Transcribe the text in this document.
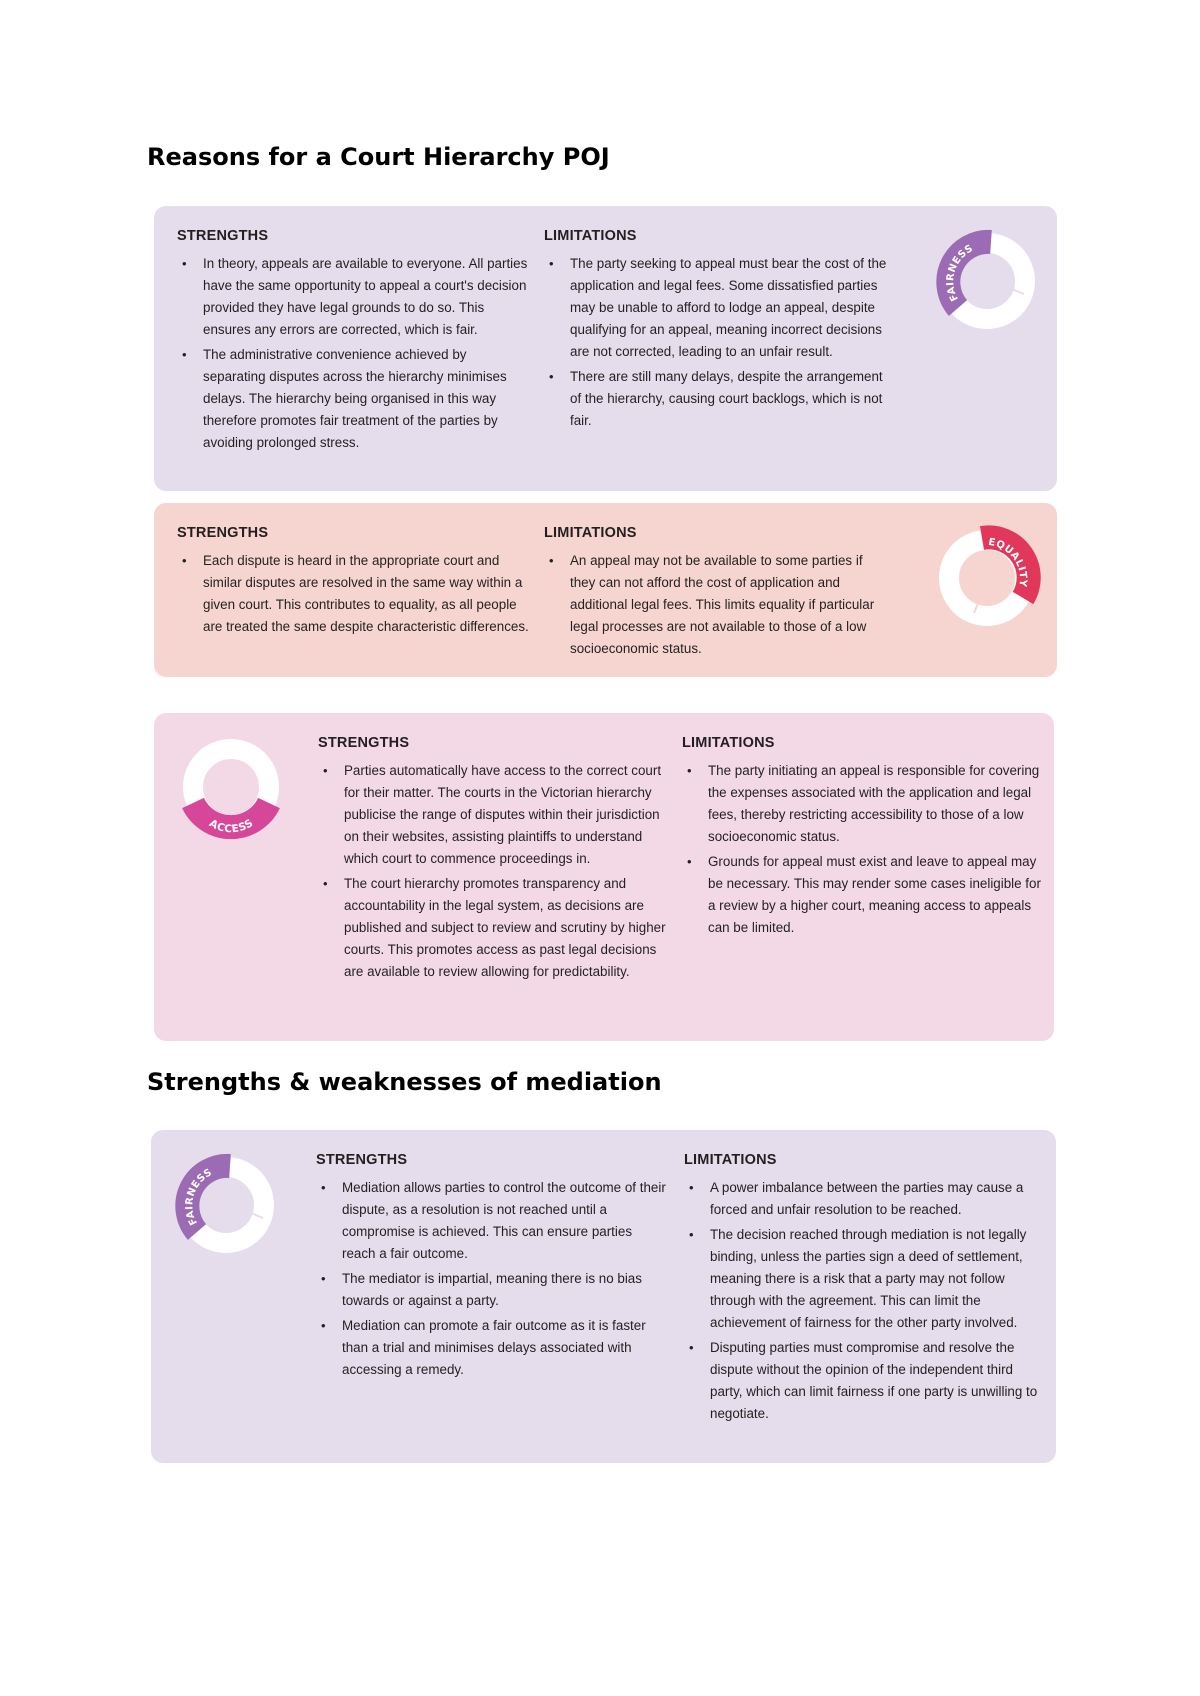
Reasons for a Court Hierarchy POJ
STRENGTHS
• In theory, appeals are available to everyone. All parties have the same opportunity to appeal a court's decision provided they have legal grounds to do so. This ensures any errors are corrected, which is fair.
• The administrative convenience achieved by separating disputes across the hierarchy minimises delays. The hierarchy being organised in this way therefore promotes fair treatment of the parties by avoiding prolonged stress.
LIMITATIONS
• The party seeking to appeal must bear the cost of the application and legal fees. Some dissatisfied parties may be unable to afford to lodge an appeal, despite qualifying for an appeal, meaning incorrect decisions are not corrected, leading to an unfair result.
• There are still many delays, despite the arrangement of the hierarchy, causing court backlogs, which is not fair.
FAIRNESS
STRENGTHS
• Each dispute is heard in the appropriate court and similar disputes are resolved in the same way within a given court. This contributes to equality, as all people are treated the same despite characteristic differences.
LIMITATIONS
• An appeal may not be available to some parties if they can not afford the cost of application and additional legal fees. This limits equality if particular legal processes are not available to those of a low socioeconomic status.
EQUALITY
ACCESS
STRENGTHS
• Parties automatically have access to the correct court for their matter. The courts in the Victorian hierarchy publicise the range of disputes within their jurisdiction on their websites, assisting plaintiffs to understand which court to commence proceedings in.
• The court hierarchy promotes transparency and accountability in the legal system, as decisions are published and subject to review and scrutiny by higher courts. This promotes access as past legal decisions are available to review allowing for predictability.
LIMITATIONS
• The party initiating an appeal is responsible for covering the expenses associated with the application and legal fees, thereby restricting accessibility to those of a low socioeconomic status.
• Grounds for appeal must exist and leave to appeal may be necessary. This may render some cases ineligible for a review by a higher court, meaning access to appeals can be limited.
Strengths & weaknesses of mediation
FAIRNESS
STRENGTHS
• Mediation allows parties to control the outcome of their dispute, as a resolution is not reached until a compromise is achieved. This can ensure parties reach a fair outcome.
• The mediator is impartial, meaning there is no bias towards or against a party.
• Mediation can promote a fair outcome as it is faster than a trial and minimises delays associated with accessing a remedy.
LIMITATIONS
• A power imbalance between the parties may cause a forced and unfair resolution to be reached.
• The decision reached through mediation is not legally binding, unless the parties sign a deed of settlement, meaning there is a risk that a party may not follow through with the agreement. This can limit the achievement of fairness for the other party involved.
• Disputing parties must compromise and resolve the dispute without the opinion of the independent third party, which can limit fairness if one party is unwilling to negotiate.
